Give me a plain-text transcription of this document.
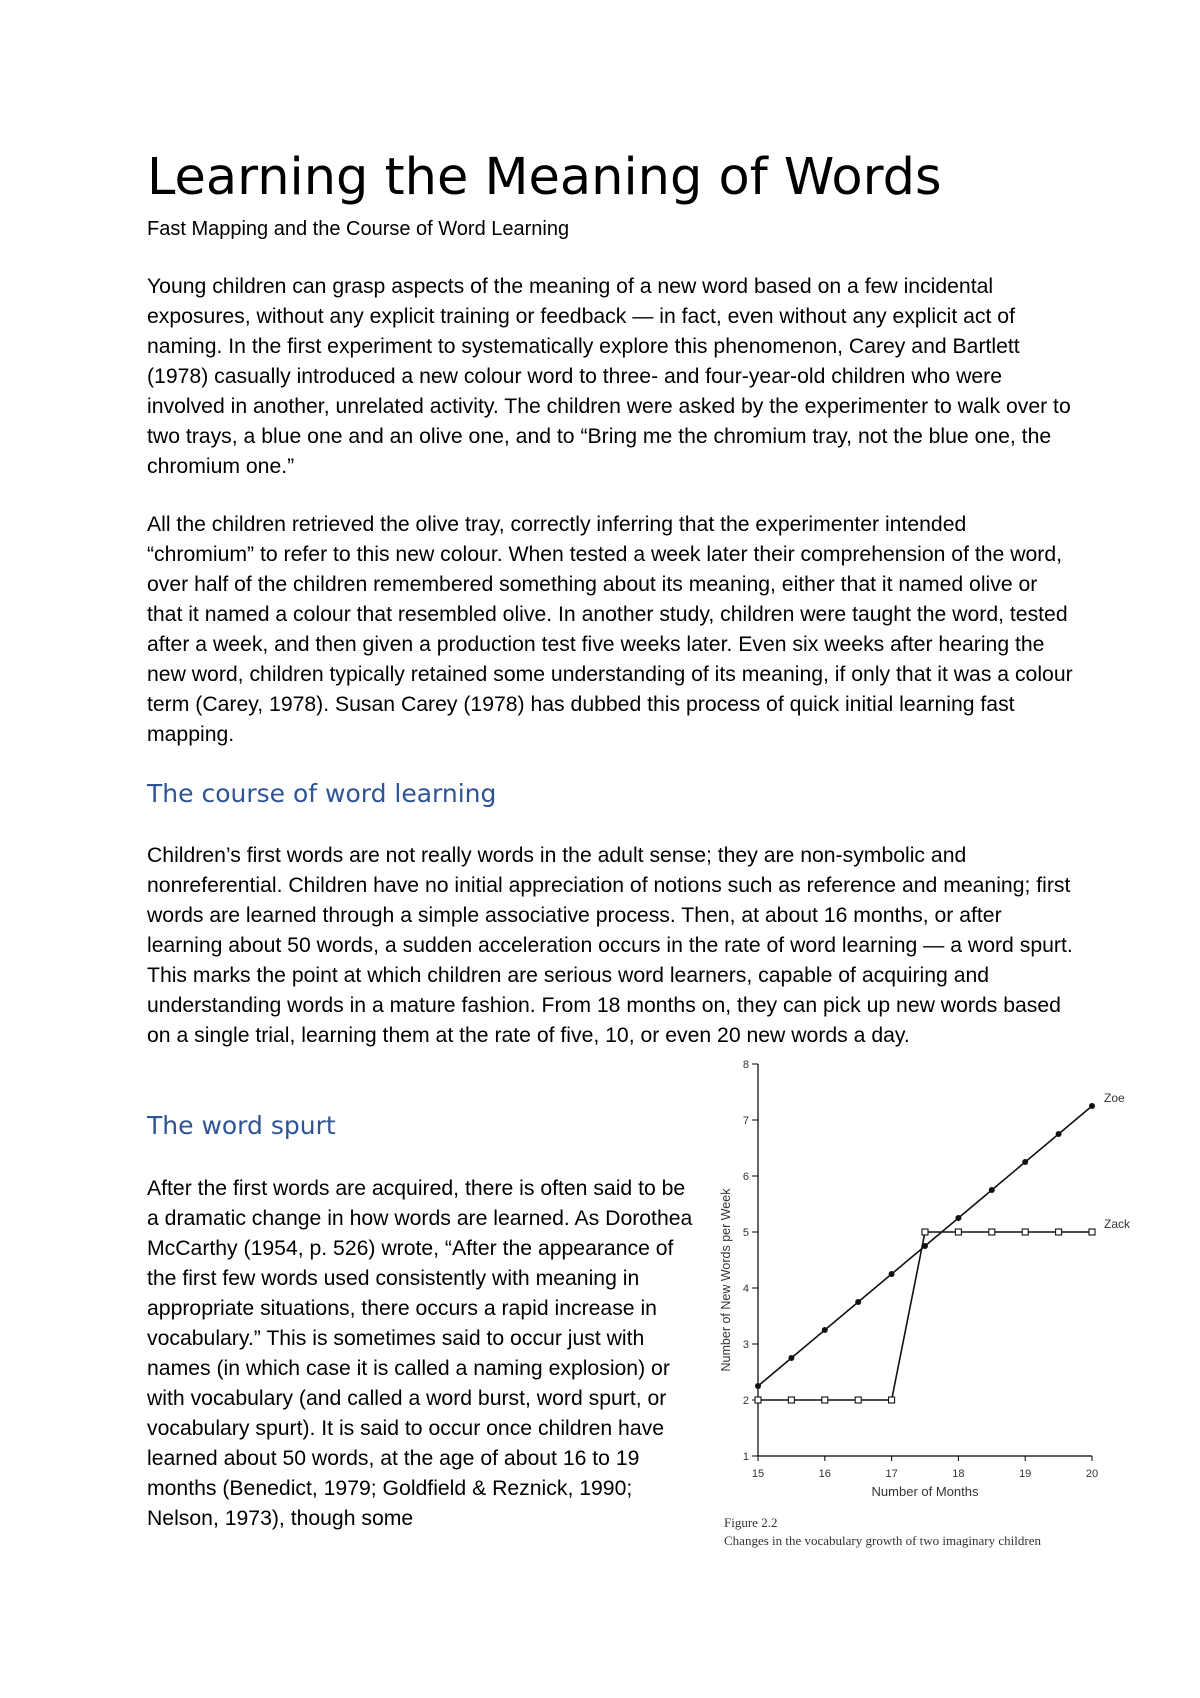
Learning the Meaning of Words

Fast Mapping and the Course of Word Learning

Young children can grasp aspects of the meaning of a new word based on a few incidental exposures, without any explicit training or feedback — in fact, even without any explicit act of naming. In the first experiment to systematically explore this phenomenon, Carey and Bartlett (1978) casually introduced a new colour word to three- and four-year-old children who were involved in another, unrelated activity. The children were asked by the experimenter to walk over to two trays, a blue one and an olive one, and to “Bring me the chromium tray, not the blue one, the chromium one.”

All the children retrieved the olive tray, correctly inferring that the experimenter intended “chromium” to refer to this new colour. When tested a week later their comprehension of the word, over half of the children remembered something about its meaning, either that it named olive or that it named a colour that resembled olive. In another study, children were taught the word, tested after a week, and then given a production test five weeks later. Even six weeks after hearing the new word, children typically retained some understanding of its meaning, if only that it was a colour term (Carey, 1978). Susan Carey (1978) has dubbed this process of quick initial learning fast mapping.

The course of word learning

Children’s first words are not really words in the adult sense; they are non-symbolic and nonreferential. Children have no initial appreciation of notions such as reference and meaning; first words are learned through a simple associative process. Then, at about 16 months, or after learning about 50 words, a sudden acceleration occurs in the rate of word learning — a word spurt. This marks the point at which children are serious word learners, capable of acquiring and understanding words in a mature fashion. From 18 months on, they can pick up new words based on a single trial, learning them at the rate of five, 10, or even 20 new words a day.

The word spurt

After the first words are acquired, there is often said to be a dramatic change in how words are learned. As Dorothea McCarthy (1954, p. 526) wrote, “After the appearance of the first few words used consistently with meaning in appropriate situations, there occurs a rapid increase in vocabulary.” This is sometimes said to occur just with names (in which case it is called a naming explosion) or with vocabulary (and called a word burst, word spurt, or vocabulary spurt). It is said to occur once children have learned about 50 words, at the age of about 16 to 19 months (Benedict, 1979; Goldfield & Reznick, 1990; Nelson, 1973), though some

1
2
3
4
5
6
7
8
15	16	17	18	19	20
Number of Months
Number of New Words per Week
Zoe
Zack

Figure 2.2

Changes in the vocabulary growth of two imaginary children
